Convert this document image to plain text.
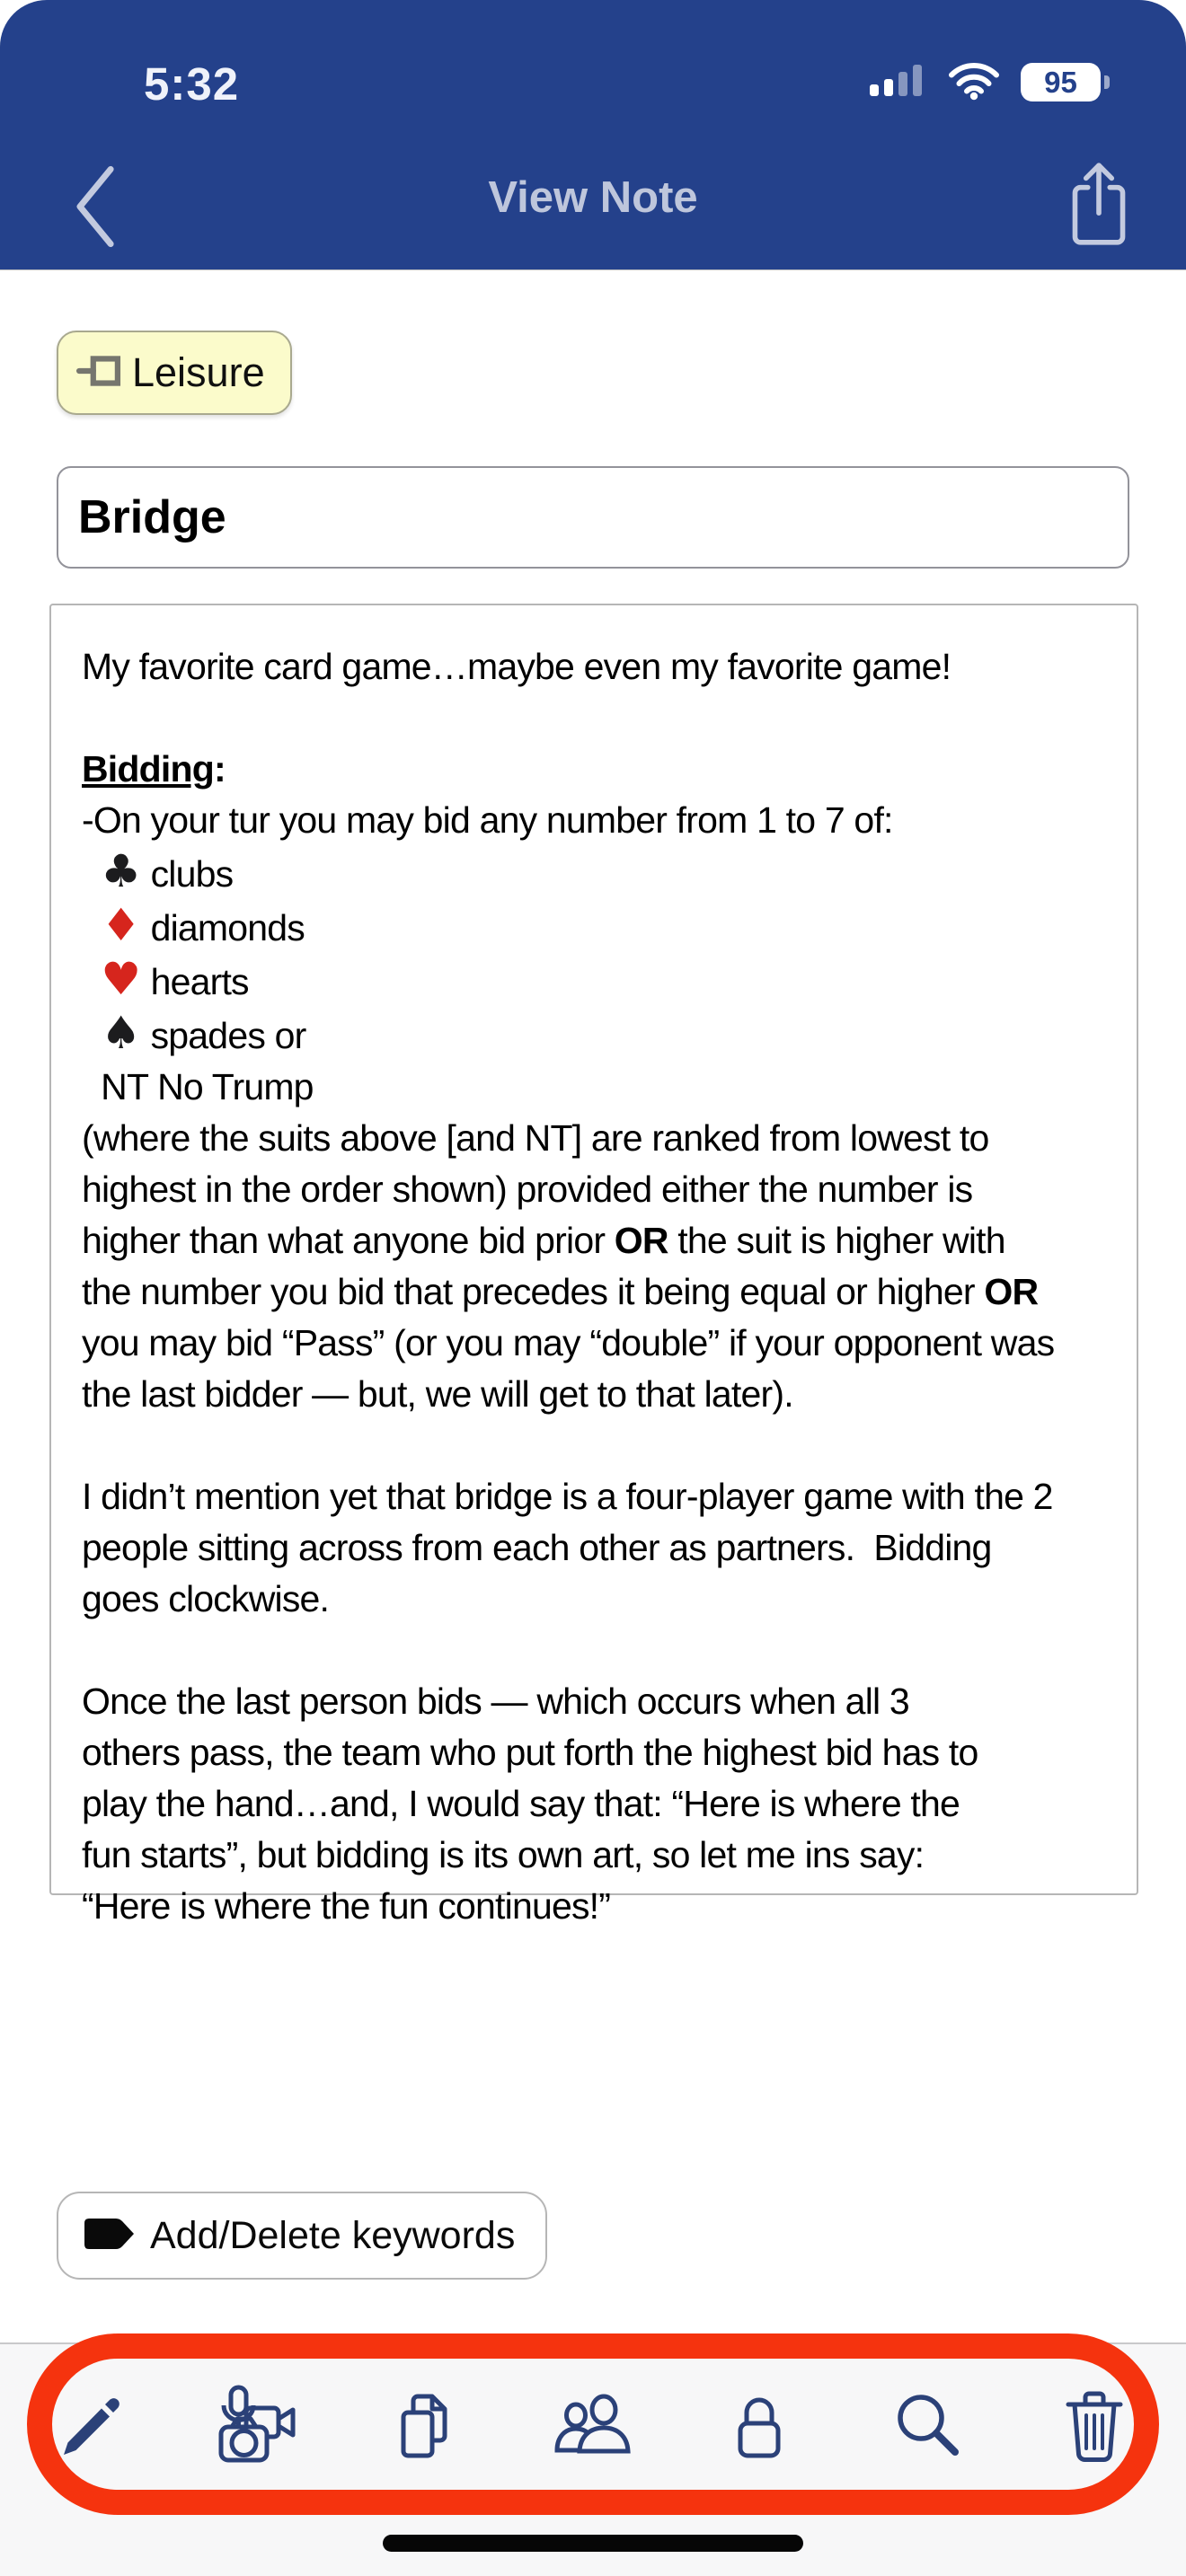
5:32	95
View Note
Leisure
Bridge
My favorite card game…maybe even my favorite game!
Bidding:
-On your tur you may bid any number from 1 to 7 of:
♣ clubs
♦ diamonds
♥ hearts
♠ spades or
NT No Trump
(where the suits above [and NT] are ranked from lowest to
highest in the order shown) provided either the number is
higher than what anyone bid prior OR the suit is higher with
the number you bid that precedes it being equal or higher OR
you may bid “Pass” (or you may “double” if your opponent was
the last bidder — but, we will get to that later).
I didn’t mention yet that bridge is a four-player game with the 2
people sitting across from each other as partners.  Bidding
goes clockwise.
Once the last person bids — which occurs when all 3
others pass, the team who put forth the highest bid has to
play the hand…and, I would say that: “Here is where the
fun starts”, but bidding is its own art, so let me ins say:
“Here is where the fun continues!”
Add/Delete keywords
